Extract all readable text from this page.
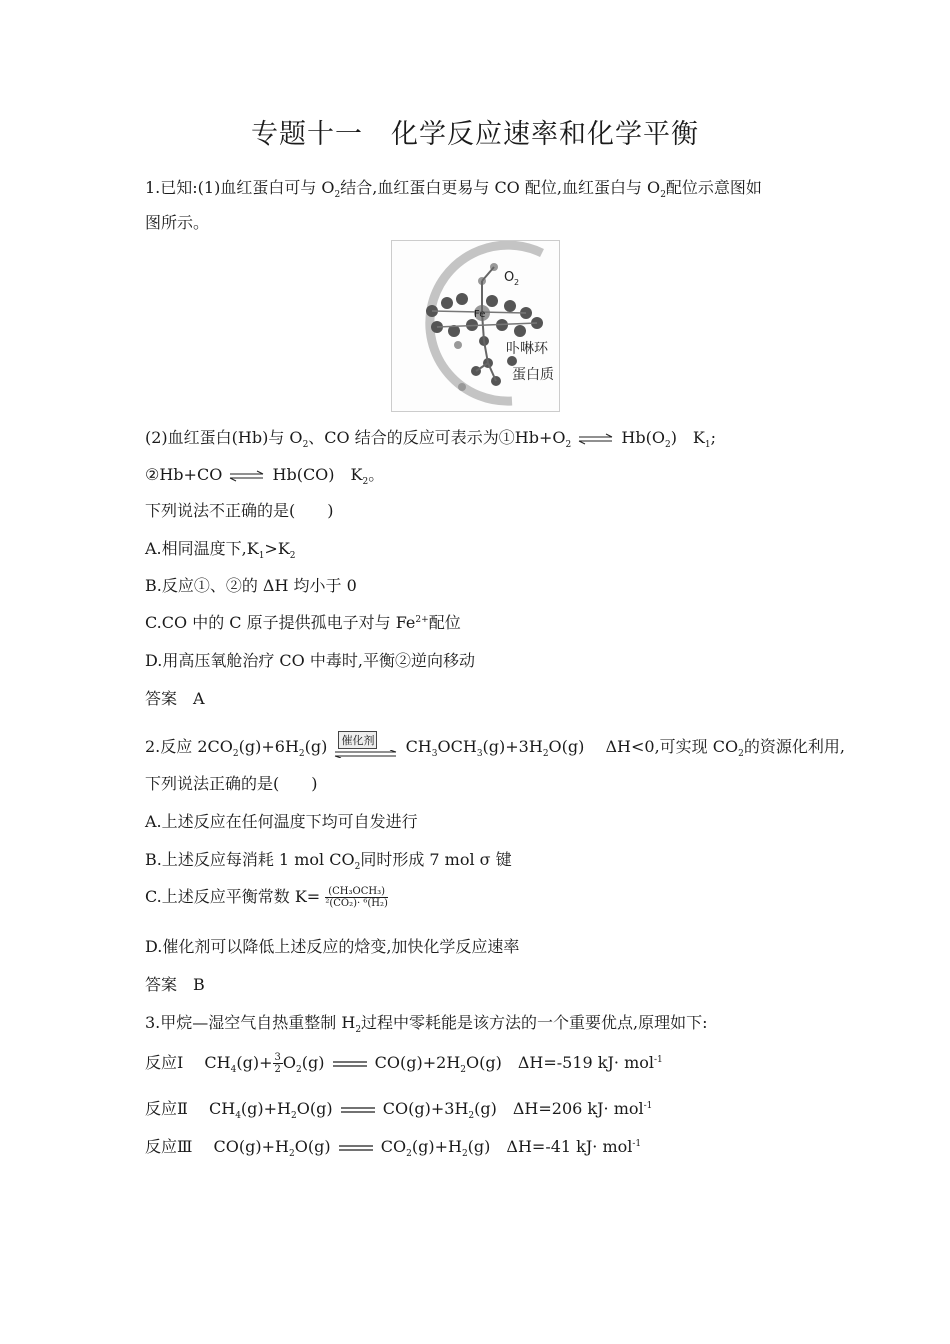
专题十一　化学反应速率和化学平衡
1.已知:(1)血红蛋白可与 $O_2$结合,血红蛋白更易与 CO 配位,血红蛋白与 $O_2$配位示意图如
图所示。
O 2
Fe
卟啉环
蛋白质
(2)血红蛋白(Hb)与 $O_2$、CO 结合的反应可表示为$①Hb+O_2$ ⇌ $Hb(O_2)$　$K_1$;
②Hb+CO ⇌ Hb(CO)　$K_2$。
下列说法不正确的是(　　)
A.相同温度下$,K_1>K_2$
B.反应①、②的 ΔH 均小于 0
C.CO 中的 C 原子提供孤电子对与 $Fe^{2+}$配位
D.用高压氧舱治疗 CO 中毒时,平衡②逆向移动
答案　A
2.反应 $2CO_2(g)+6H_2(g)$ 催化剂 $CH_3OCH_3(g)+3H_2O(g)$　 ΔH<0,可实现 $CO_2$的资源化利用,
下列说法正确的是(　　)
A.上述反应在任何温度下均可自发进行
B.上述反应每消耗 1 mol $CO_2$同时形成 7 mol σ 键
C.上述反应平衡常数 $K= \frac{\text{(CH₃OCH₃)}}{\text{²(CO₂)· ⁶(H₂)}}$
D.催化剂可以降低上述反应的焓变,加快化学反应速率
答案　B
3.甲烷—湿空气自热重整制 $H_2$过程中零耗能是该方法的一个重要优点,原理如下:
反应Ⅰ $CH_4(g)+ \frac{3}{2} O_2(g)$	$CO(g)+2H_2O(g)$ ΔH=-519 kJ· mol$^{-1}$
反应Ⅱ $CH_4(g)+H_2O(g)$	$CO(g)+3H_2(g)$ ΔH=206 kJ· mol$^{-1}$
反应Ⅲ $CO(g)+H_2O(g)$	$CO_2(g)+H_2(g)$ ΔH=-41 kJ· mol$^{-1}$
